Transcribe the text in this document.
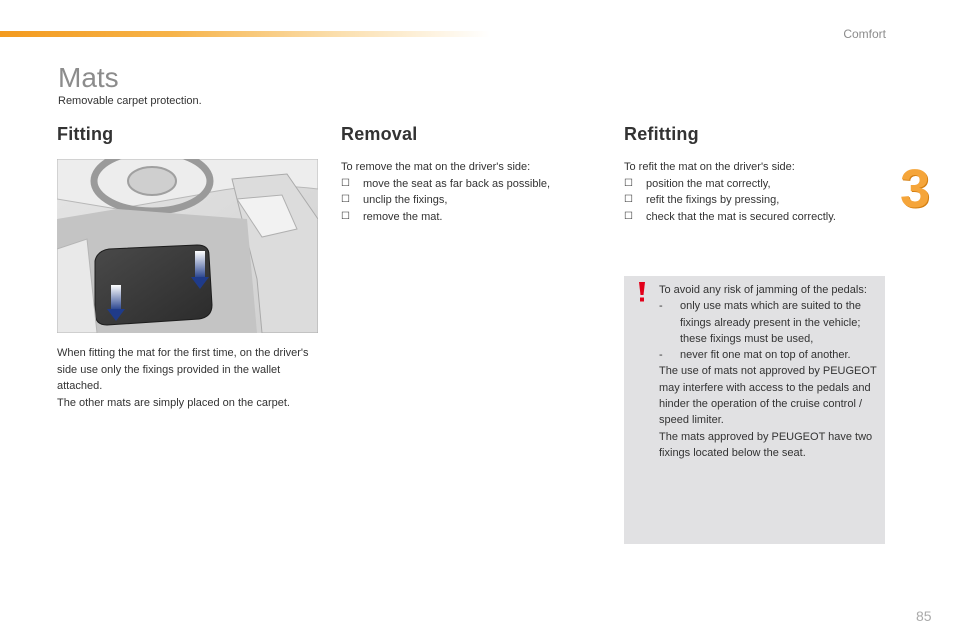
Comfort
3
Mats
Removable carpet protection.
Fitting

When fitting the mat for the first time, on the driver's side use only the fixings provided in the wallet attached.

The other mats are simply placed on the carpet.

Removal

To remove the mat on the driver's side:

☐	move the seat as far back as possible,
☐	unclip the fixings,
☐	remove the mat.
Refitting

To refit the mat on the driver's side:

☐	position the mat correctly,
☐	refit the fixings by pressing,
☐	check that the mat is secured correctly.

To avoid any risk of jamming of the pedals:

- only use mats which are suited to the fixings already present in the vehicle; these fixings must be used,

- never fit one mat on top of another.

The use of mats not approved by PEUGEOT may interfere with access to the pedals and hinder the operation of the cruise control / speed limiter.

The mats approved by PEUGEOT have two fixings located below the seat.

85
